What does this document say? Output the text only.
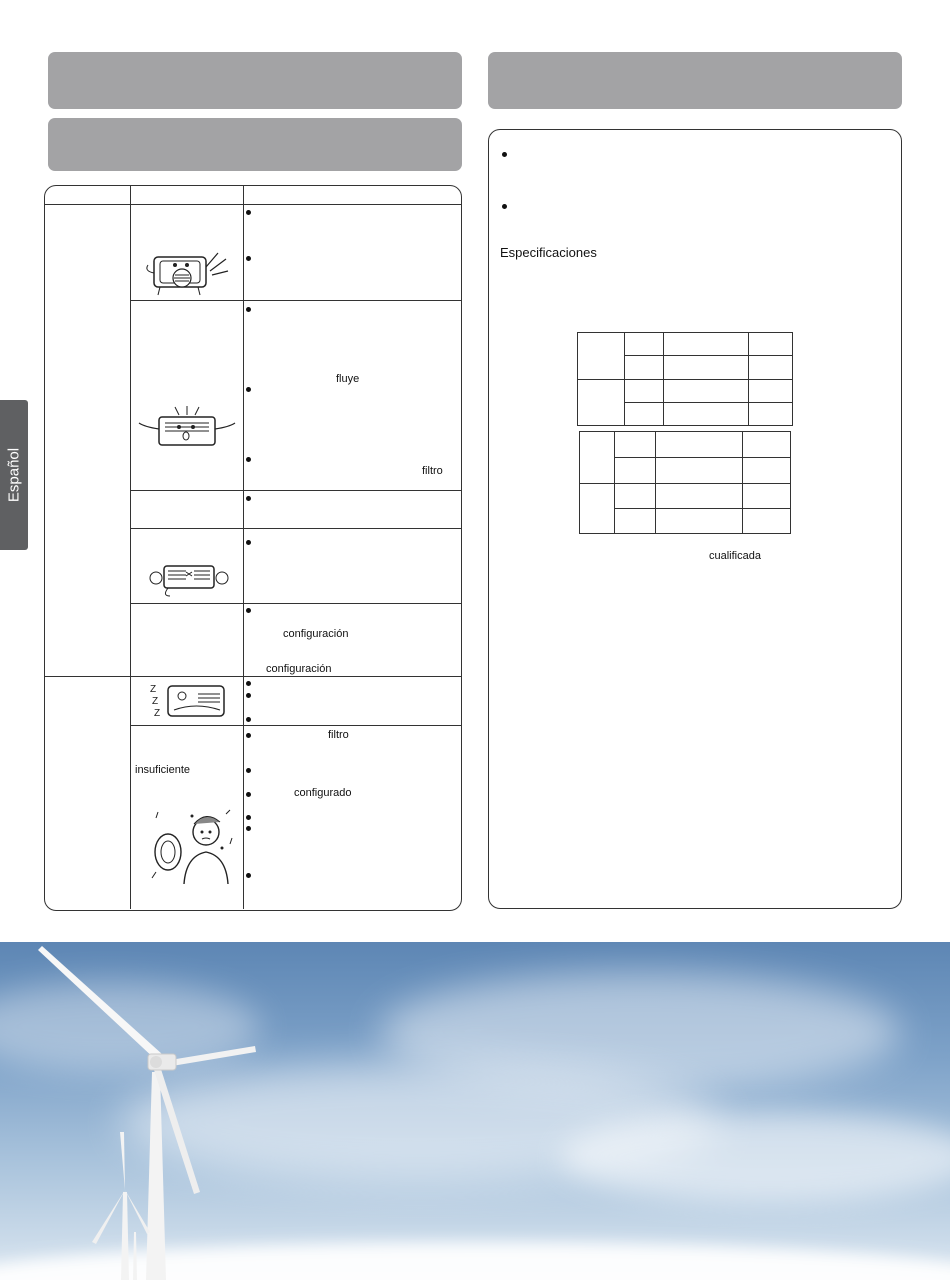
Español
fluye
filtro
configuración
configuración
filtro
insuficiente
configurado
Z
Z
Z
Especificaciones

cualificada
